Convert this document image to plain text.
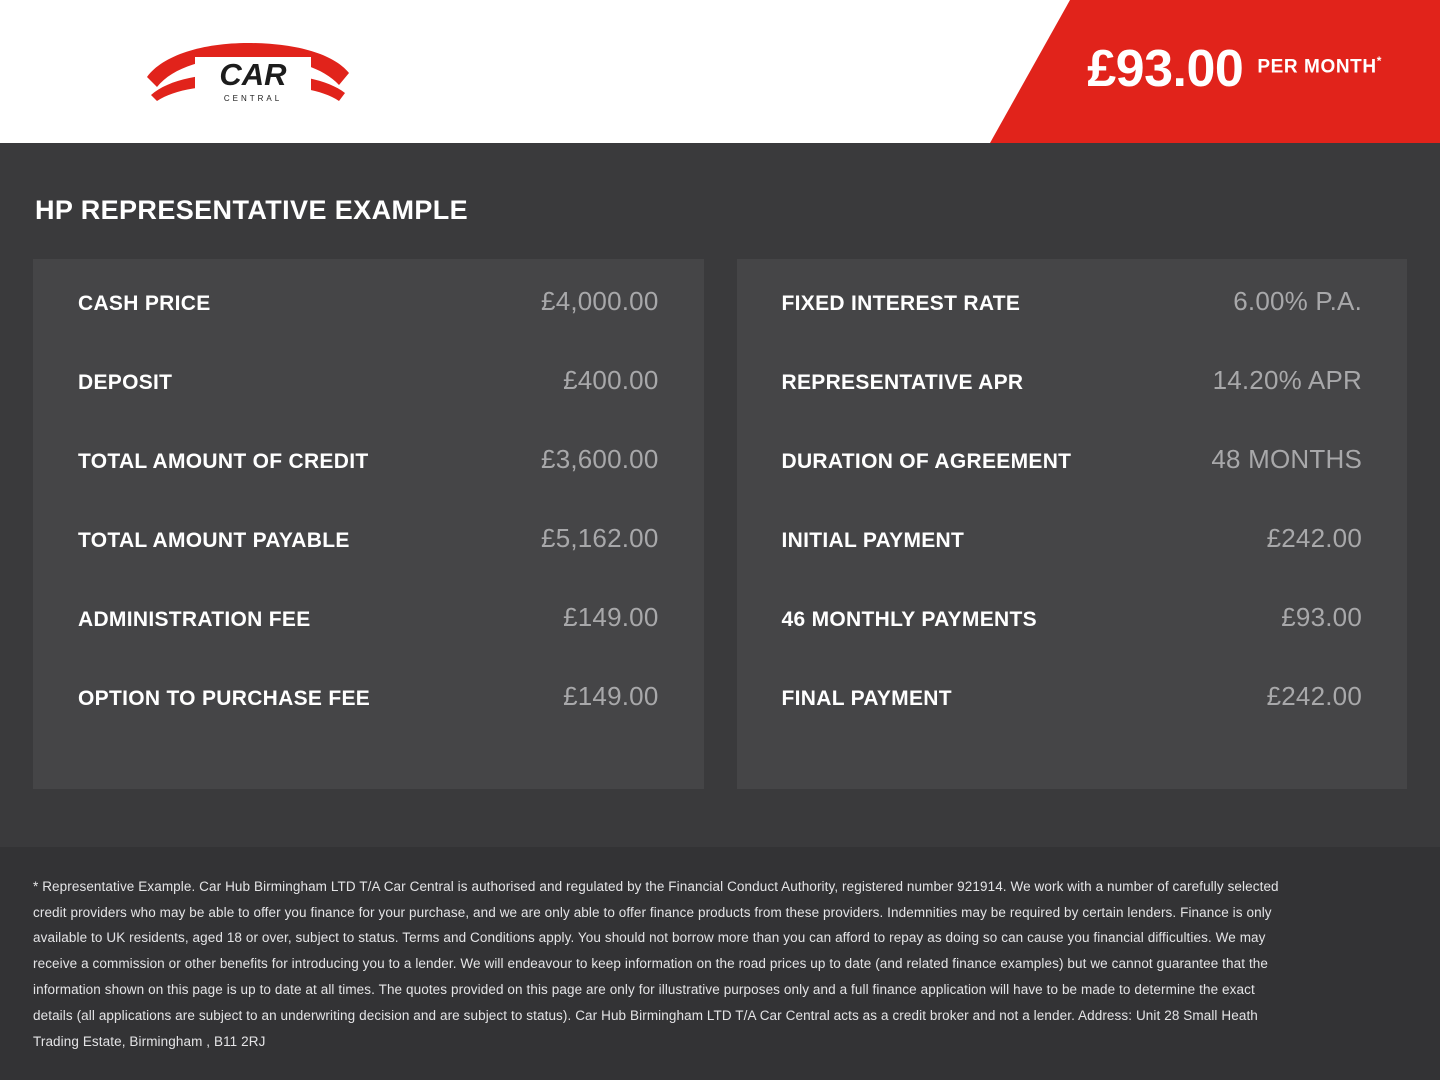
CAR
CENTRAL
£93.00 PER MONTH*
HP REPRESENTATIVE EXAMPLE
CASH PRICE	£4,000.00
DEPOSIT	£400.00
TOTAL AMOUNT OF CREDIT	£3,600.00
TOTAL AMOUNT PAYABLE	£5,162.00
ADMINISTRATION FEE	£149.00
OPTION TO PURCHASE FEE	£149.00
FIXED INTEREST RATE	6.00% P.A.
REPRESENTATIVE APR	14.20% APR
DURATION OF AGREEMENT	48 MONTHS
INITIAL PAYMENT	£242.00
46 MONTHLY PAYMENTS	£93.00
FINAL PAYMENT	£242.00

* Representative Example. Car Hub Birmingham LTD T/A Car Central is authorised and regulated by the Financial Conduct Authority, registered number 921914. We work with a number of carefully selected credit providers who may be able to offer you finance for your purchase, and we are only able to offer finance products from these providers. Indemnities may be required by certain lenders. Finance is only available to UK residents, aged 18 or over, subject to status. Terms and Conditions apply. You should not borrow more than you can afford to repay as doing so can cause you financial difficulties. We may receive a commission or other benefits for introducing you to a lender. We will endeavour to keep information on the road prices up to date (and related finance examples) but we cannot guarantee that the information shown on this page is up to date at all times. The quotes provided on this page are only for illustrative purposes only and a full finance application will have to be made to determine the exact details (all applications are subject to an underwriting decision and are subject to status). Car Hub Birmingham LTD T/A Car Central acts as a credit broker and not a lender. Address: Unit 28 Small Heath Trading Estate, Birmingham , B11 2RJ
